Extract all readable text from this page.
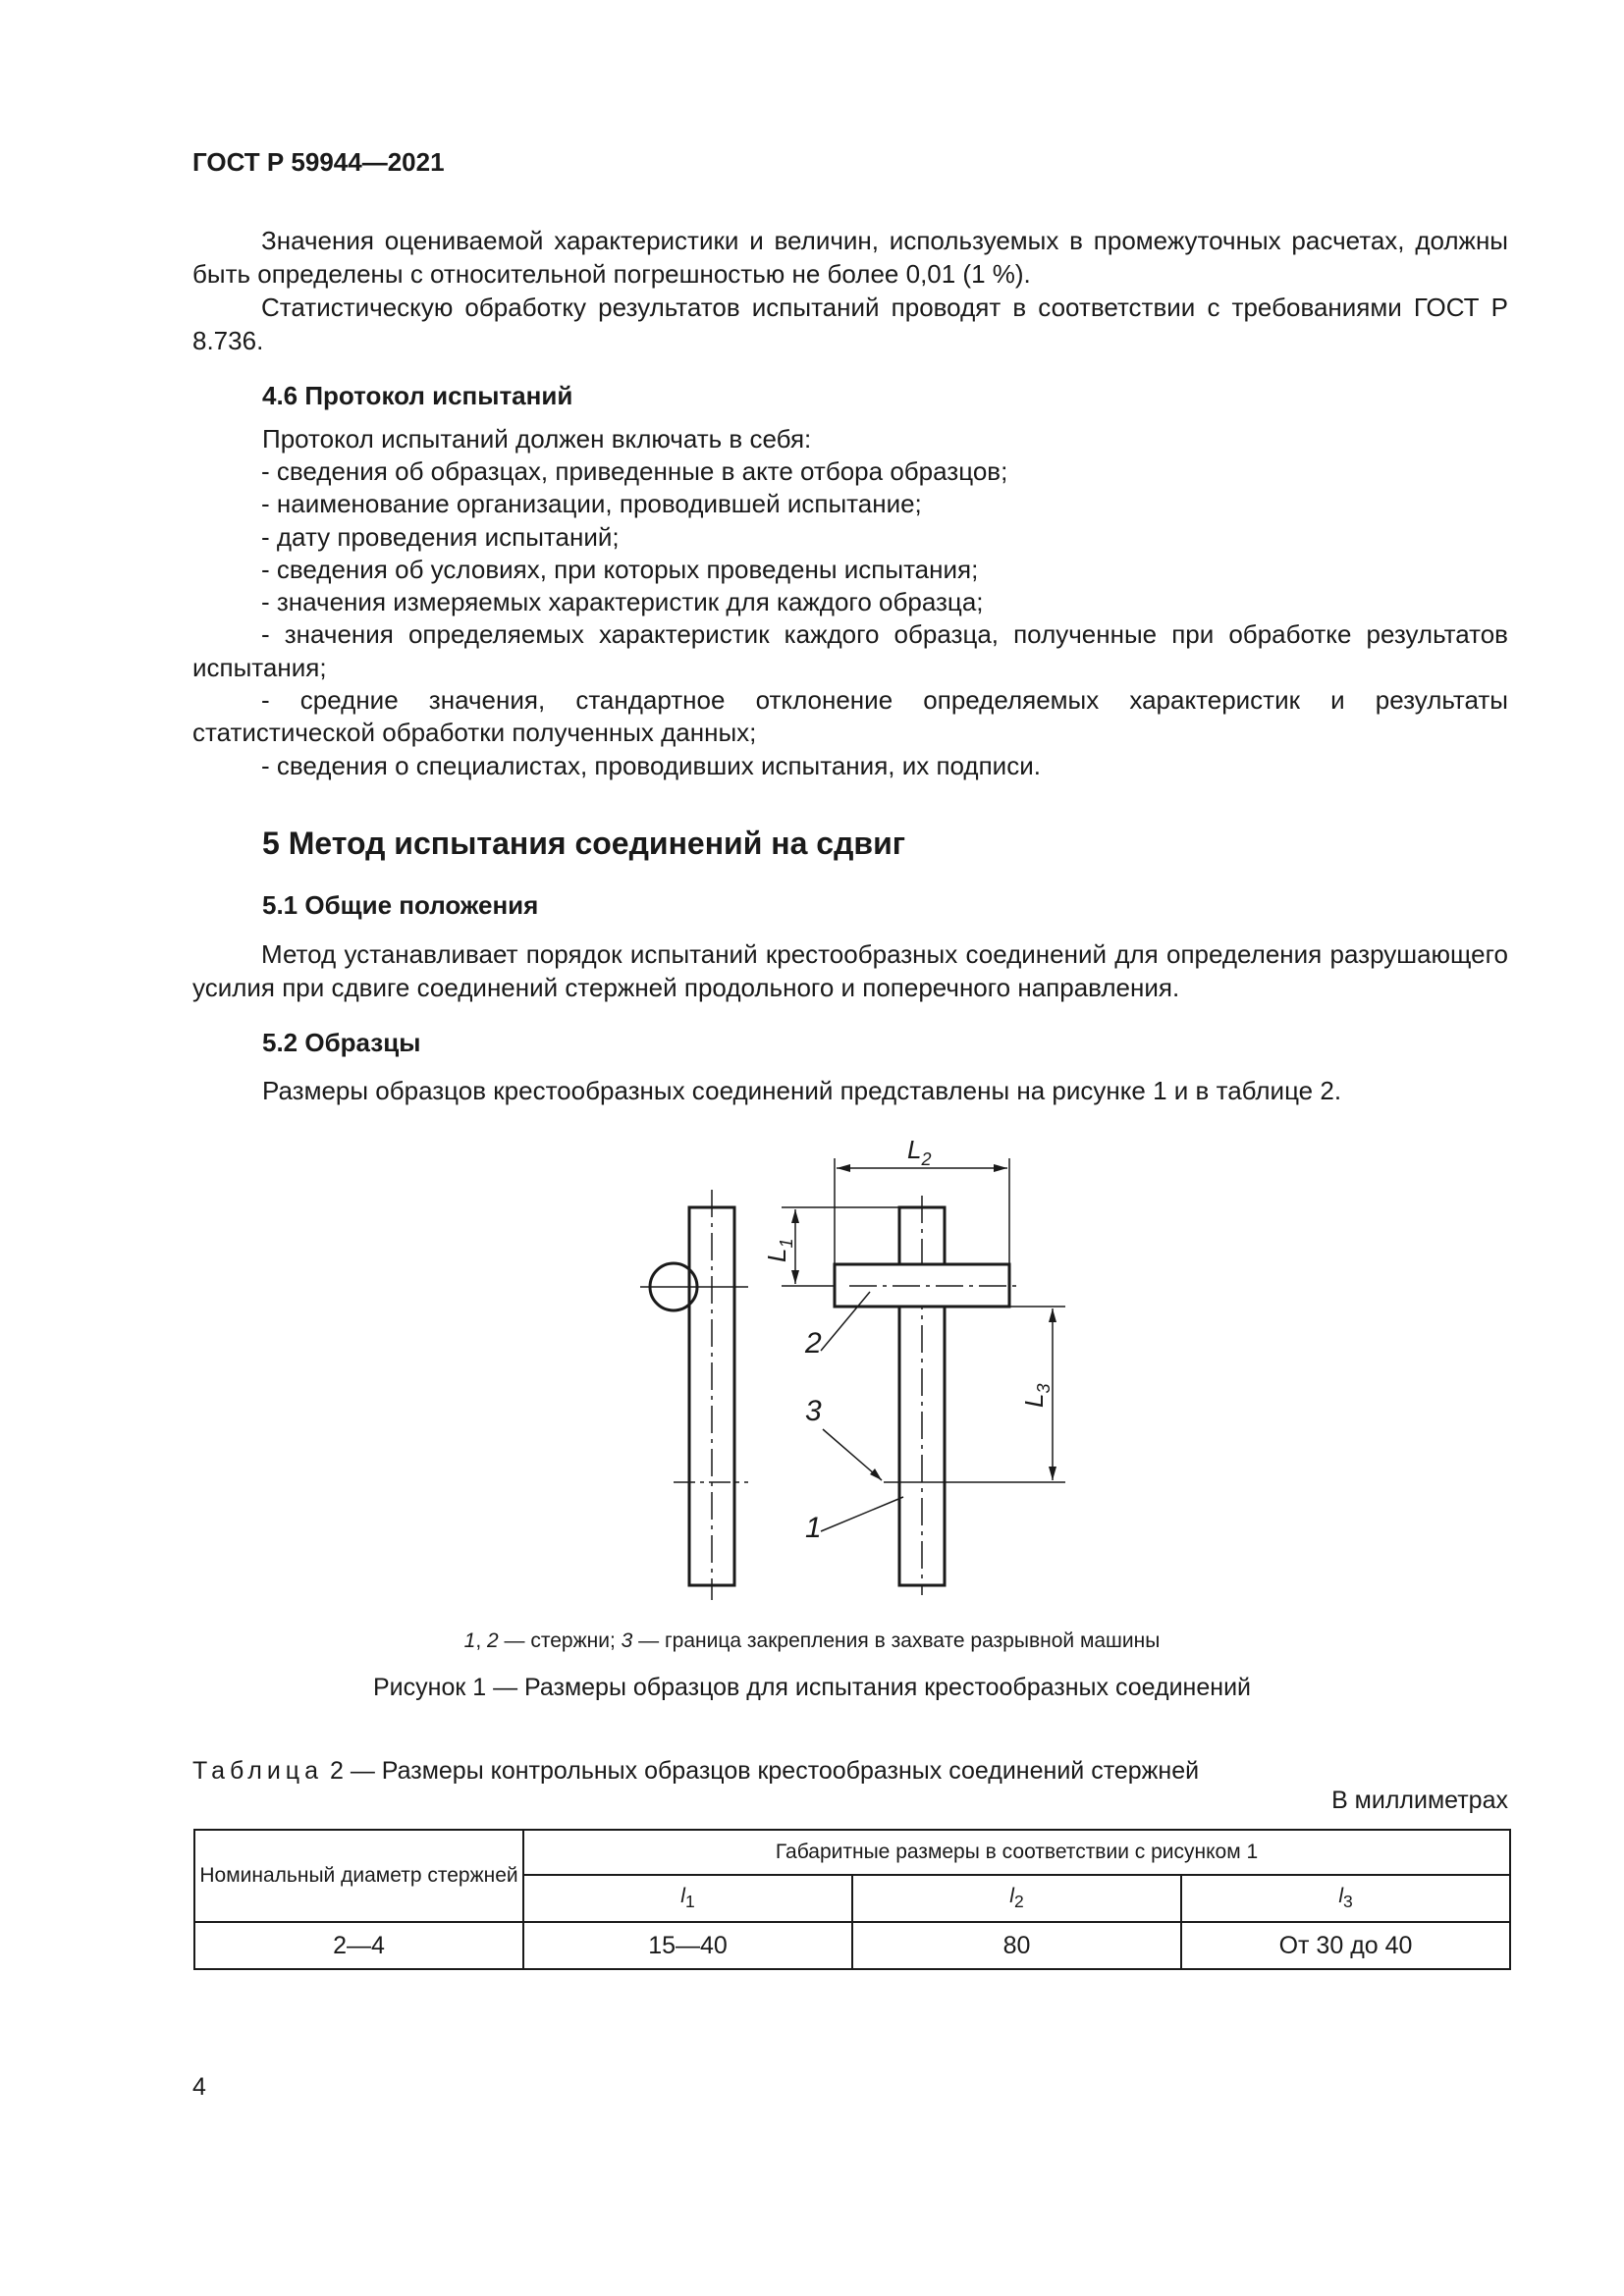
ГОСТ Р 59944—2021

Значения оцениваемой характеристики и величин, используемых в промежуточных расчетах, должны быть определены с относительной погрешностью не более 0,01 (1 %).

Статистическую обработку результатов испытаний проводят в соответствии с требованиями ГОСТ Р 8.736.

4.6 Протокол испытаний
Протокол испытаний должен включать в себя:
- сведения об образцах, приведенные в акте отбора образцов;
- наименование организации, проводившей испытание;
- дату проведения испытаний;
- сведения об условиях, при которых проведены испытания;
- значения измеряемых характеристик для каждого образца;
- значения определяемых характеристик каждого образца, полученные при обработке результатов испытания;
- средние значения, стандартное отклонение определяемых характеристик и результаты статистической обработки полученных данных;
- сведения о специалистах, проводивших испытания, их подписи.
5 Метод испытания соединений на сдвиг
5.1 Общие положения

Метод устанавливает порядок испытаний крестообразных соединений для определения разрушающего усилия при сдвиге соединений стержней продольного и поперечного направления.

5.2 Образцы
Размеры образцов крестообразных соединений представлены на рисунке 1 и в таблице 2.
$L_2$
$L_1$
$L_3$
2
3
1
1, 2 — стержни; 3 — граница закрепления в захвате разрывной машины
Рисунок 1 — Размеры образцов для испытания крестообразных соединений
Таблица 2 — Размеры контрольных образцов крестообразных соединений стержней
В миллиметрах
Номинальный диаметр стержней	Габаритные размеры в соответствии с рисунком 1		
	$l_1$	$l_2$	$l_3$
2—4	15—40	80	От 30 до 40
4
